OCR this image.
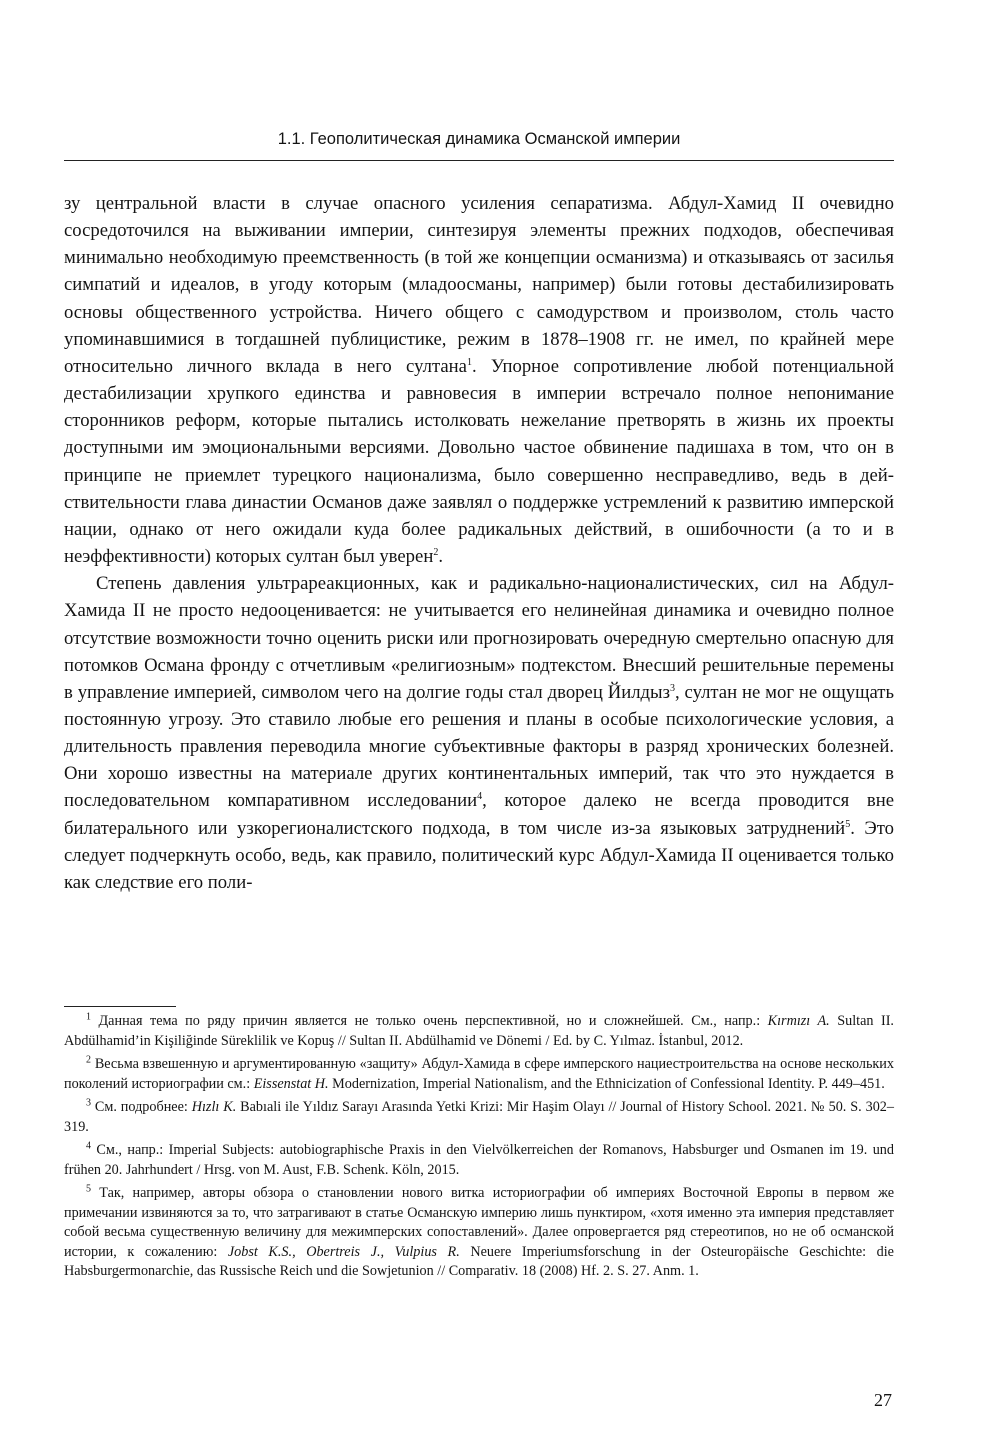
1.1. Геополитическая динамика Османской империи

зу центральной власти в случае опасного усиления сепаратизма. Абдул-Хамид II очевидно сосредоточился на выживании империи, синтезируя элементы прежних подходов, обеспечивая минимально необходимую преемственность (в той же концепции османизма) и отказываясь от засилья симпатий и идеалов, в угоду которым (младоосманы, например) были готовы дестабилизировать основы общественного устройства. Ничего общего с самодурством и произволом, столь часто упоминавшимися в тогдашней публицистике, режим в 1878–1908 гг. не имел, по крайней мере относительно личного вклада в него султана$^1$. Упорное сопротивление любой потенциальной дестабилизации хрупкого единства и равновесия в империи встречало полное непонимание сторонников реформ, которые пытались истолковать нежелание претворять в жизнь их проекты доступными им эмоциональными версиями. Довольно частое обвинение падишаха в том, что он в принципе не приемлет турецкого национализма, было совершенно несправедливо, ведь в действительности глава династии Османов даже заявлял о поддержке устремлений к развитию имперской нации, однако от него ожидали куда более радикальных действий, в ошибочности (а то и в неэффективности) которых султан был уверен$^2$.

Степень давления ультрареакционных, как и радикально-националистических, сил на Абдул-Хамида II не просто недооценивается: не учитывается его нелинейная динамика и очевидно полное отсутствие возможности точно оценить риски или прогнозировать очередную смертельно опасную для потомков Османа фронду с отчетливым «религиозным» подтекстом. Внесший решительные перемены в управление империей, символом чего на долгие годы стал дворец Йилдыз$^3$, султан не мог не ощущать постоянную угрозу. Это ставило любые его решения и планы в особые психологические условия, а длительность правления переводила многие субъективные факторы в разряд хронических болезней. Они хорошо известны на материале других континентальных империй, так что это нуждается в последовательном компаративном исследовании$^4$, которое далеко не всегда проводится вне билатерального или узкорегионалистского подхода, в том числе из-за языковых затруднений$^5$. Это следует подчеркнуть особо, ведь, как правило, политический курс Абдул-Хамида II оценивается только как следствие его поли-

$^1$ Данная тема по ряду причин является не только очень перспективной, но и сложнейшей. См., напр.: Kırmızı A. Sultan II. Abdülhamid’in Kişiliğinde Süreklilik ve Kopuş // Sultan II. Abdülhamid ve Dönemi / Ed. by C. Yılmaz. İstanbul, 2012.

$^2$ Весьма взвешенную и аргументированную «защиту» Абдул-Хамида в сфере имперского нациестроительства на основе нескольких поколений историографии см.: Eissenstat H. Modernization, Imperial Nationalism, and the Ethnicization of Confessional Identity. P. 449–451.

$^3$ См. подробнее: Hızlı K. Babıali ile Yıldız Sarayı Arasında Yetki Krizi: Mir Haşim Olayı // Journal of History School. 2021. № 50. S. 302–319.

$^4$ См., напр.: Imperial Subjects: autobiographische Praxis in den Vielvölkerreichen der Romanovs, Habsburger und Osmanen im 19. und frühen 20. Jahrhundert / Hrsg. von M. Aust, F.B. Schenk. Köln, 2015.

$^5$ Так, например, авторы обзора о становлении нового витка историографии об империях Восточной Европы в первом же примечании извиняются за то, что затрагивают в статье Османскую империю лишь пунктиром, «хотя именно эта империя представляет собой весьма существенную величину для межимперских сопоставлений». Далее опровергается ряд стереотипов, но не об османской истории, к сожалению: Jobst K.S., Obertreis J., Vulpius R. Neuere Imperiumsforschung in der Osteuropäische Geschichte: die Habsburgermonarchie, das Russische Reich und die Sowjetunion // Comparativ. 18 (2008) Hf. 2. S. 27. Anm. 1.

27
